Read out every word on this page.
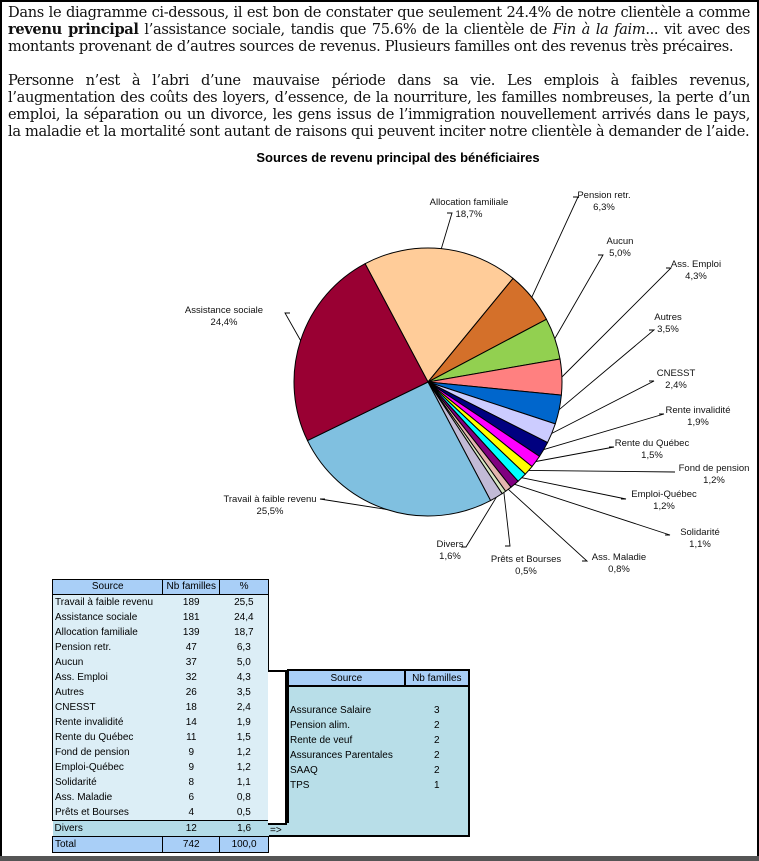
Dans le diagramme ci-dessous, il est bon de constater que seulement 24.4% de notre clientèle a comme revenu principal l’assistance sociale, tandis que 75.6% de la clientèle de Fin à la faim... vit avec des montants provenant de d’autres sources de revenus. Plusieurs familles ont des revenus très précaires.

Personne n’est à l’abri d’une mauvaise période dans sa vie. Les emplois à faibles revenus, l’augmentation des coûts des loyers, d’essence, de la nourriture, les familles nombreuses, la perte d’un emploi, la séparation ou un divorce, les gens issus de l’immigration nouvellement arrivés dans le pays, la maladie et la mortalité sont autant de raisons qui peuvent inciter notre clientèle à demander de l’aide.

Sources de revenu principal des bénéficiaires
Allocation familiale
18,7%
Pension retr.
6,3%
Aucun
5,0%
Ass. Emploi
4,3%
Autres
3,5%
CNESST
2,4%
Rente invalidité
1,9%
Rente du Québec
1,5%
Fond de pension
1,2%
Emploi-Québec
1,2%
Solidarité
1,1%
Ass. Maladie
0,8%
Prêts et Bourses
0,5%
Divers
1,6%
Travail à faible revenu
25,5%
Assistance sociale
24,4%
Source	Nb familles	%
Travail à faible revenu	189	25,5
Assistance sociale	181	24,4
Allocation familiale	139	18,7
Pension retr.	47	6,3
Aucun	37	5,0
Ass. Emploi	32	4,3
Autres	26	3,5
CNESST	18	2,4
Rente invalidité	14	1,9
Rente du Québec	11	1,5
Fond de pension	9	1,2
Emploi-Québec	9	1,2
Solidarité	8	1,1
Ass. Maladie	6	0,8
Prêts et Bourses	4	0,5
Divers	12	1,6
Total	742	100,0
=>
Source	Nb familles

Assurance Salaire	3
Pension alim.	2
Rente de veuf	2
Assurances Parentales	2
SAAQ	2
TPS	1
